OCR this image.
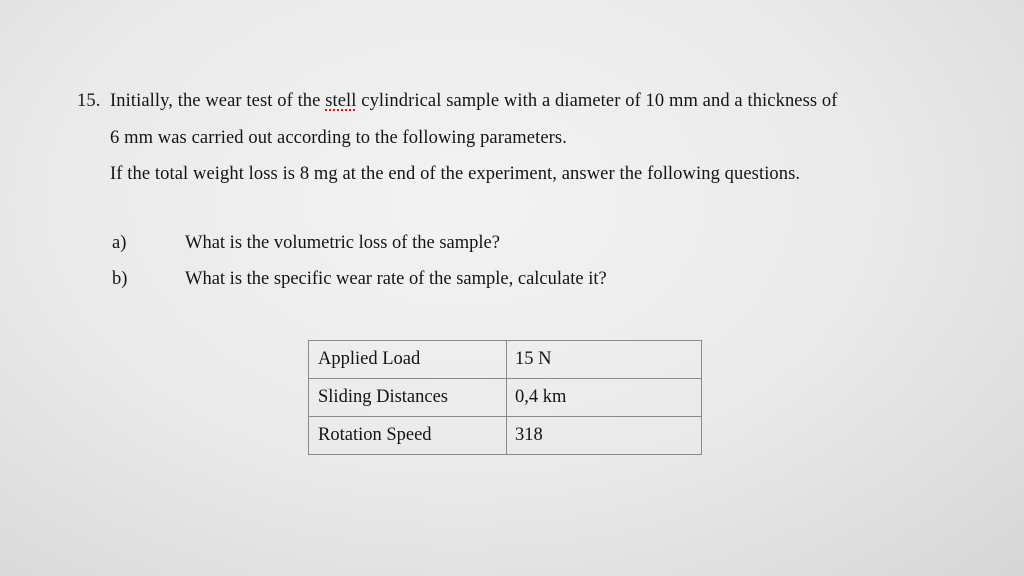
15. Initially, the wear test of the stell cylindrical sample with a diameter of 10 mm and a thickness of
6 mm was carried out according to the following parameters.
If the total weight loss is 8 mg at the end of the experiment, answer the following questions.
a)	What is the volumetric loss of the sample?
b)	What is the specific wear rate of the sample, calculate it?
Applied Load	15 N
Sliding Distances	0,4 km
Rotation Speed	318
